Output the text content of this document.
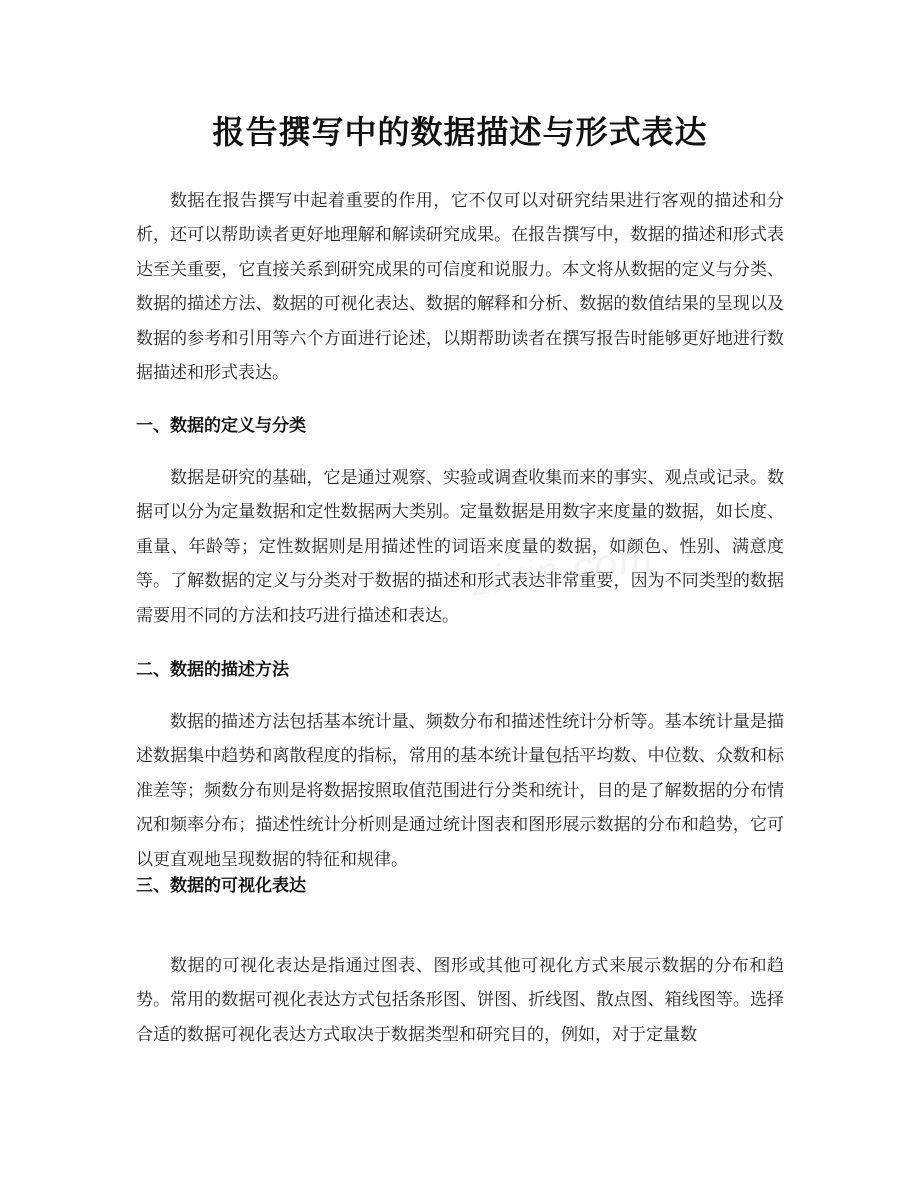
报告撰写中的数据描述与形式表达

数据在报告撰写中起着重要的作用，它不仅可以对研究结果进行客观的描述和分析，还可以帮助读者更好地理解和解读研究成果。在报告撰写中，数据的描述和形式表达至关重要，它直接关系到研究成果的可信度和说服力。本文将从数据的定义与分类、数据的描述方法、数据的可视化表达、数据的解释和分析、数据的数值结果的呈现以及数据的参考和引用等六个方面进行论述，以期帮助读者在撰写报告时能够更好地进行数据描述和形式表达。

一、数据的定义与分类

数据是研究的基础，它是通过观察、实验或调查收集而来的事实、观点或记录。数据可以分为定量数据和定性数据两大类别。定量数据是用数字来度量的数据，如长度、重量、年龄等；定性数据则是用描述性的词语来度量的数据，如颜色、性别、满意度等。了解数据的定义与分类对于数据的描述和形式表达非常重要，因为不同类型的数据需要用不同的方法和技巧进行描述和表达。

二、数据的描述方法

数据的描述方法包括基本统计量、频数分布和描述性统计分析等。基本统计量是描述数据集中趋势和离散程度的指标，常用的基本统计量包括平均数、中位数、众数和标准差等；频数分布则是将数据按照取值范围进行分类和统计，目的是了解数据的分布情况和频率分布；描述性统计分析则是通过统计图表和图形展示数据的分布和趋势，它可以更直观地呈现数据的特征和规律。

三、数据的可视化表达

数据的可视化表达是指通过图表、图形或其他可视化方式来展示数据的分布和趋势。常用的数据可视化表达方式包括条形图、饼图、折线图、散点图、箱线图等。选择合适的数据可视化表达方式取决于数据类型和研究目的，例如，对于定量数

zixin.com
